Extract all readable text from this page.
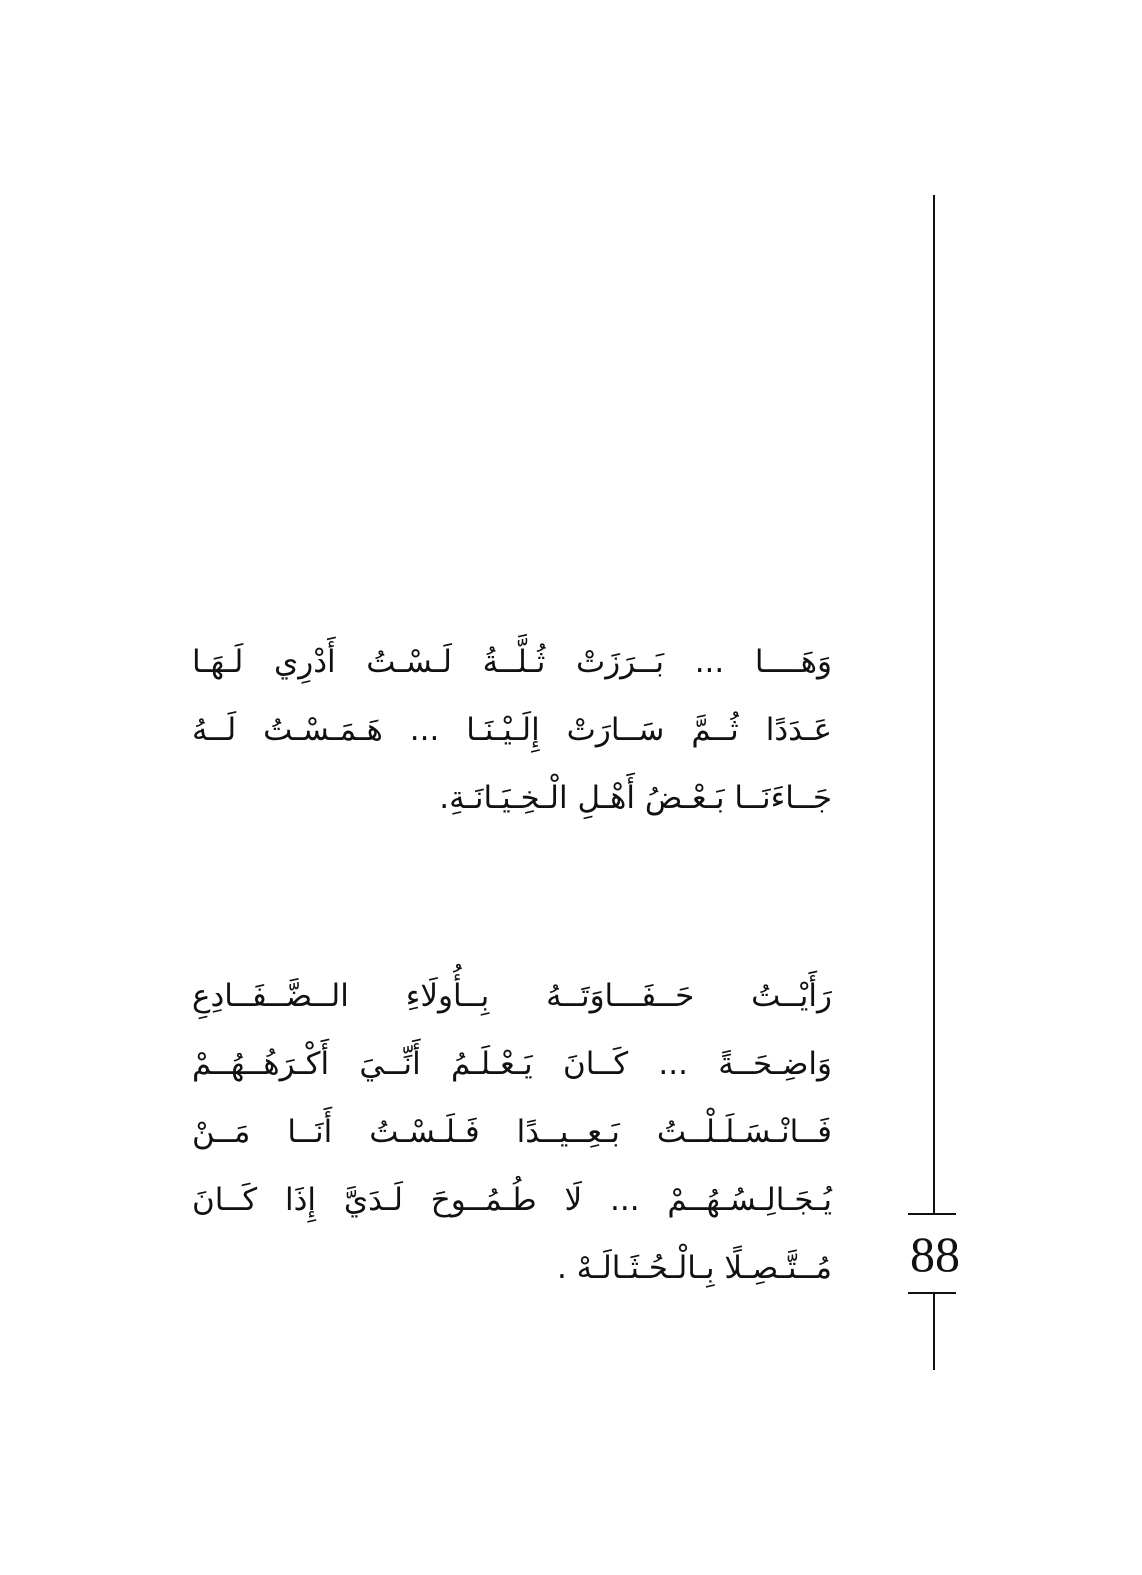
وَهَــــا ... بَــرَزَتْ ثُـلَّــةُ لَـسْـتُ أَدْرِي لَـهَـا
عَـدَدًا ثُــمَّ سَــارَتْ إِلَـيْـنَـا ... هَـمَـسْـتُ لَــهُ
جَــاءَنَــا بَـعْـضُ أَهْـلِ الْـخِـيَـانَـةِ.
رَأَيْــتُ حَــفَـــاوَتَــهُ بِــأُولَاءِ الــضَّــفَــادِعِ
وَاضِـحَــةً ... كَــانَ يَـعْـلَـمُ أَنِّــيَ أَكْـرَهُــهُــمْ
فَــانْـسَـلَـلْــتُ بَـعِــيــدًا فَـلَـسْـتُ أَنَــا مَــنْ
يُـجَـالِـسُـهُــمْ ... لَا طُـمُــوحَ لَـدَيَّ إِذَا كَــانَ
مُــتَّـصِـلًا بِـالْـحُـثَـالَـهْ .	88
